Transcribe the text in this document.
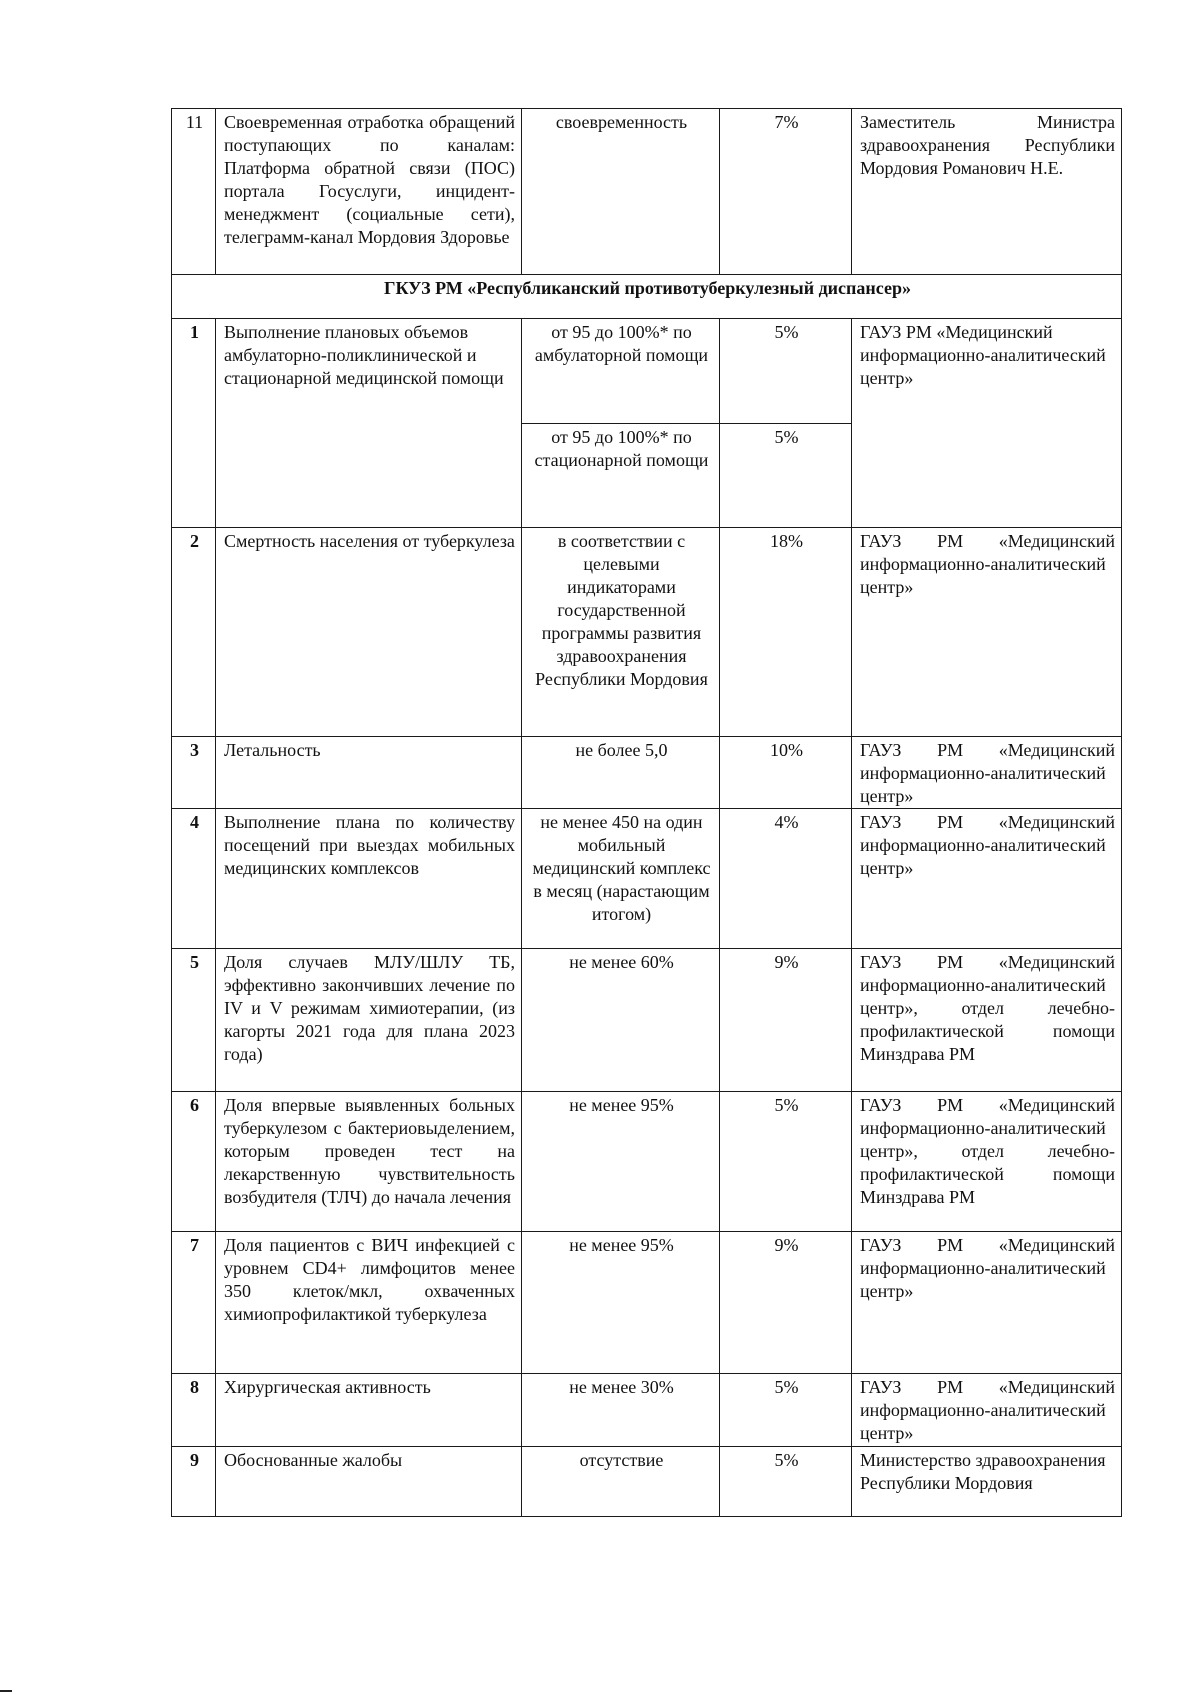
11	Своевременная отработка обращений поступающих по каналам: Платформа обратной связи (ПОС) портала Госуслуги, инцидент-менеджмент (социальные сети), телеграмм-канал Мордовия Здоровье	своевременность	7%	Заместитель Министра здравоохранения Республики Мордовия Романович Н.Е.
ГКУЗ РМ «Республиканский противотуберкулезный диспансер»				
1	Выполнение плановых объемов амбулаторно-поликлинической и стационарной медицинской помощи	от 95 до 100%* по амбулаторной помощи	5%	ГАУЗ РМ «Медицинский информационно-аналитический центр»
		от 95 до 100%* по стационарной помощи	5%	
2	Смертность населения от туберкулеза	в соответствии с целевыми индикаторами государственной программы развития здравоохранения Республики Мордовия	18%	ГАУЗ РМ «Медицинский информационно-аналитический центр»
3	Летальность	не более 5,0	10%	ГАУЗ РМ «Медицинский информационно-аналитический центр»
4	Выполнение плана по количеству посещений при выездах мобильных медицинских комплексов	не менее 450 на один мобильный медицинский комплекс в месяц (нарастающим итогом)	4%	ГАУЗ РМ «Медицинский информационно-аналитический центр»
5	Доля случаев МЛУ/ШЛУ ТБ, эффективно закончивших лечение по IV и V режимам химиотерапии, (из кагорты 2021 года для плана 2023 года)	не менее 60%	9%	ГАУЗ РМ «Медицинский информационно-аналитический центр», отдел лечебно-профилактической помощи Минздрава РМ
6	Доля впервые выявленных больных туберкулезом с бактериовыделением, которым проведен тест на лекарственную чувствительность возбудителя (ТЛЧ) до начала лечения	не менее 95%	5%	ГАУЗ РМ «Медицинский информационно-аналитический центр», отдел лечебно-профилактической помощи Минздрава РМ
7	Доля пациентов с ВИЧ инфекцией с уровнем CD4+ лимфоцитов менее 350 клеток/мкл, охваченных химиопрофилактикой туберкулеза	не менее 95%	9%	ГАУЗ РМ «Медицинский информационно-аналитический центр»
8	Хирургическая активность	не менее 30%	5%	ГАУЗ РМ «Медицинский информационно-аналитический центр»
9	Обоснованные жалобы	отсутствие	5%	Министерство здравоохранения Республики Мордовия
